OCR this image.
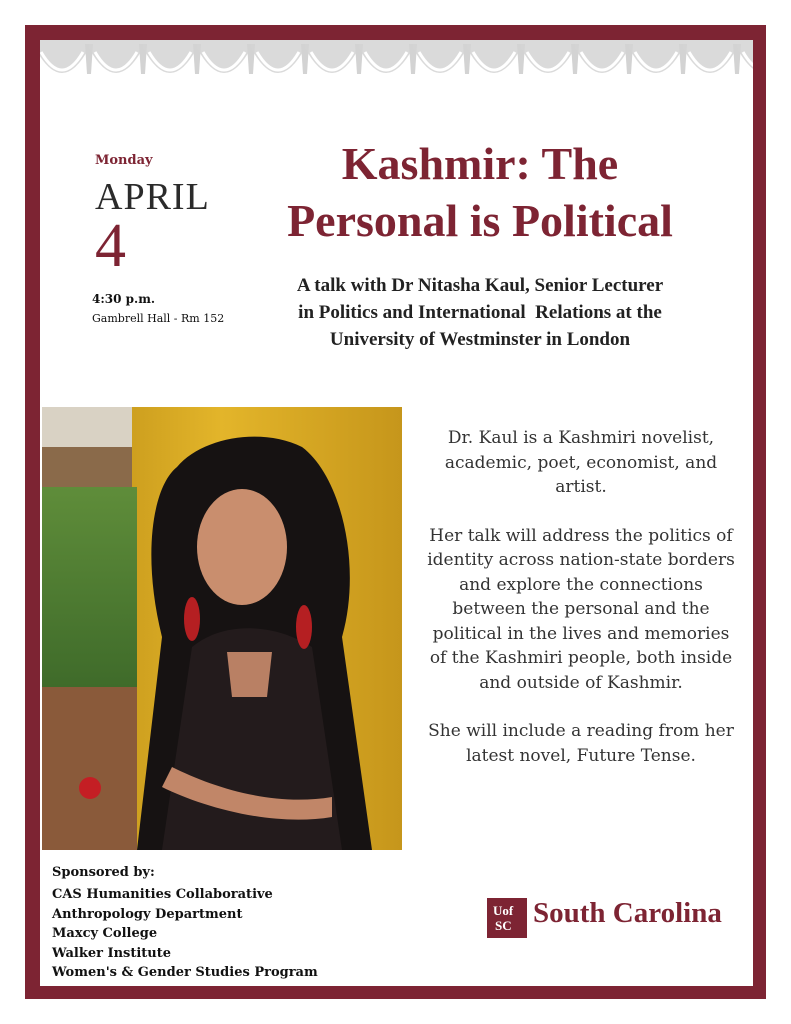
Monday
APRIL
4
4:30 p.m.
Gambrell Hall - Rm 152
Kashmir: The
Personal is Political
A talk with Dr Nitasha Kaul, Senior Lecturer
in Politics and International  Relations at the
University of Westminster in London

Dr. Kaul is a Kashmiri novelist, academic, poet, economist, and artist.

Her talk will address the politics of identity across nation-state borders and explore the connections between the personal and the political in the lives and memories of the Kashmiri people, both inside and outside of Kashmir.

She will include a reading from her latest novel, Future Tense.

Sponsored by:
CAS Humanities Collaborative
Anthropology Department
Maxcy College
Walker Institute
Women's & Gender Studies Program
Uof
SC South Carolina
